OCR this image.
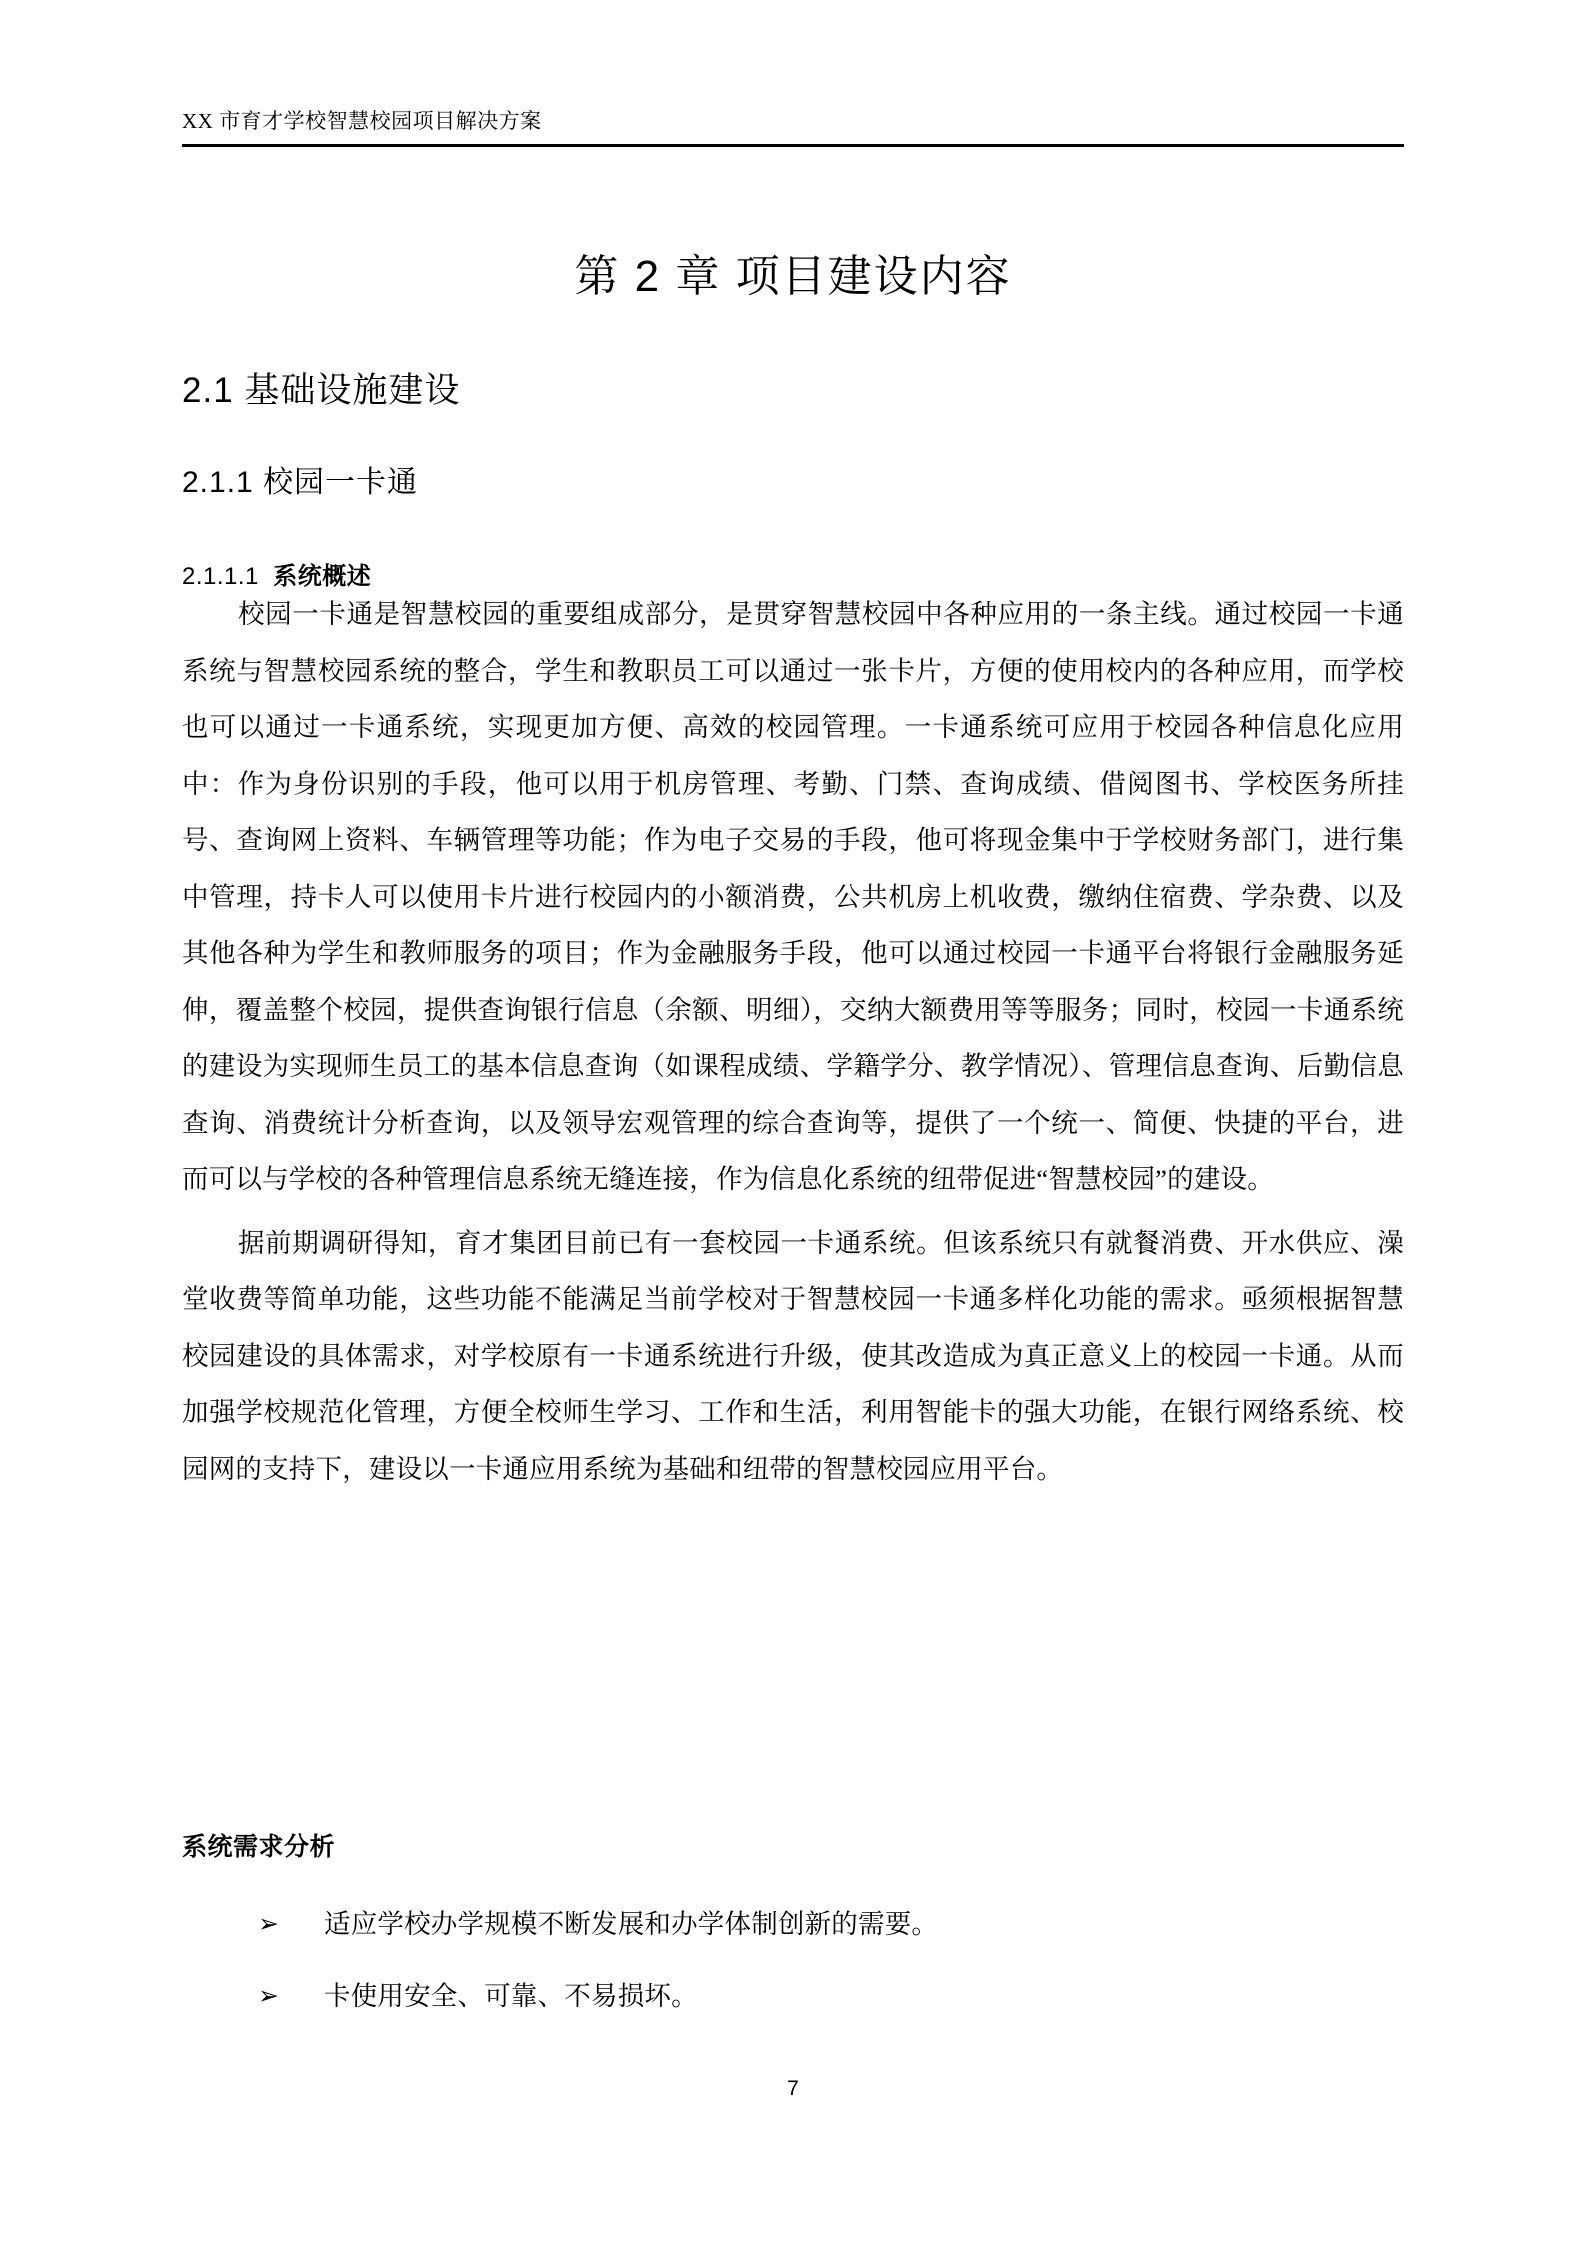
XX 市育才学校智慧校园项目解决方案
第 2 章 项目建设内容
2.1 基础设施建设
2.1.1 校园一卡通
2.1.1.1 系统概述

校园一卡通是智慧校园的重要组成部分，是贯穿智慧校园中各种应用的一条主线。通过校园一卡通系统与智慧校园系统的整合，学生和教职员工可以通过一张卡片，方便的使用校内的各种应用，而学校也可以通过一卡通系统，实现更加方便、高效的校园管理。一卡通系统可应用于校园各种信息化应用中：作为身份识别的手段，他可以用于机房管理、考勤、门禁、查询成绩、借阅图书、学校医务所挂号、查询网上资料、车辆管理等功能；作为电子交易的手段，他可将现金集中于学校财务部门，进行集中管理，持卡人可以使用卡片进行校园内的小额消费，公共机房上机收费，缴纳住宿费、学杂费、以及其他各种为学生和教师服务的项目；作为金融服务手段，他可以通过校园一卡通平台将银行金融服务延伸，覆盖整个校园，提供查询银行信息（余额、明细），交纳大额费用等等服务；同时，校园一卡通系统的建设为实现师生员工的基本信息查询（如课程成绩、学籍学分、教学情况）、管理信息查询、后勤信息查询、消费统计分析查询，以及领导宏观管理的综合查询等，提供了一个统一、简便、快捷的平台，进而可以与学校的各种管理信息系统无缝连接，作为信息化系统的纽带促进“智慧校园”的建设。

据前期调研得知，育才集团目前已有一套校园一卡通系统。但该系统只有就餐消费、开水供应、澡堂收费等简单功能，这些功能不能满足当前学校对于智慧校园一卡通多样化功能的需求。亟须根据智慧校园建设的具体需求，对学校原有一卡通系统进行升级，使其改造成为真正意义上的校园一卡通。从而加强学校规范化管理，方便全校师生学习、工作和生活，利用智能卡的强大功能，在银行网络系统、校园网的支持下，建设以一卡通应用系统为基础和纽带的智慧校园应用平台。

系统需求分析
➢	适应学校办学规模不断发展和办学体制创新的需要。
➢	卡使用安全、可靠、不易损坏。
7
